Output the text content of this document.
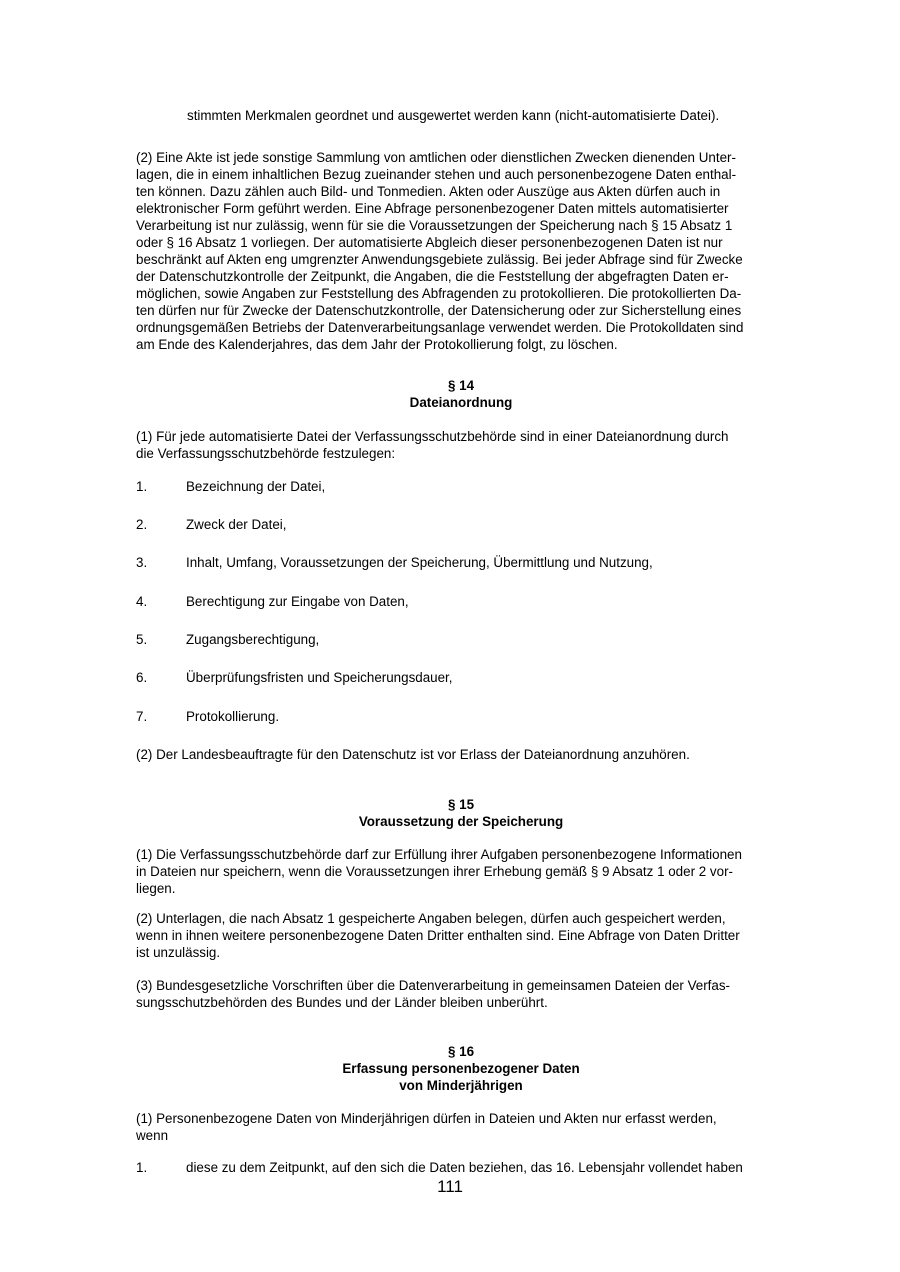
stimmten Merkmalen geordnet und ausgewertet werden kann (nicht-automatisierte Datei).
(2) Eine Akte ist jede sonstige Sammlung von amtlichen oder dienstlichen Zwecken dienenden Unter-
lagen, die in einem inhaltlichen Bezug zueinander stehen und auch personenbezogene Daten enthal-
ten können. Dazu zählen auch Bild- und Tonmedien. Akten oder Auszüge aus Akten dürfen auch in
elektronischer Form geführt werden. Eine Abfrage personenbezogener Daten mittels automatisierter
Verarbeitung ist nur zulässig, wenn für sie die Voraussetzungen der Speicherung nach § 15 Absatz 1
oder § 16 Absatz 1 vorliegen. Der automatisierte Abgleich dieser personenbezogenen Daten ist nur
beschränkt auf Akten eng umgrenzter Anwendungsgebiete zulässig. Bei jeder Abfrage sind für Zwecke
der Datenschutzkontrolle der Zeitpunkt, die Angaben, die die Feststellung der abgefragten Daten er-
möglichen, sowie Angaben zur Feststellung des Abfragenden zu protokollieren. Die protokollierten Da-
ten dürfen nur für Zwecke der Datenschutzkontrolle, der Datensicherung oder zur Sicherstellung eines
ordnungsgemäßen Betriebs der Datenverarbeitungsanlage verwendet werden. Die Protokolldaten sind
am Ende des Kalenderjahres, das dem Jahr der Protokollierung folgt, zu löschen.
§ 14
Dateianordnung
(1) Für jede automatisierte Datei der Verfassungsschutzbehörde sind in einer Dateianordnung durch
die Verfassungsschutzbehörde festzulegen:
1.	Bezeichnung der Datei,
2.	Zweck der Datei,
3.	Inhalt, Umfang, Voraussetzungen der Speicherung, Übermittlung und Nutzung,
4.	Berechtigung zur Eingabe von Daten,
5.	Zugangsberechtigung,
6.	Überprüfungsfristen und Speicherungsdauer,
7.	Protokollierung.
(2) Der Landesbeauftragte für den Datenschutz ist vor Erlass der Dateianordnung anzuhören.
§ 15
Voraussetzung der Speicherung
(1) Die Verfassungsschutzbehörde darf zur Erfüllung ihrer Aufgaben personenbezogene Informationen
in Dateien nur speichern, wenn die Voraussetzungen ihrer Erhebung gemäß § 9 Absatz 1 oder 2 vor-
liegen.
(2) Unterlagen, die nach Absatz 1 gespeicherte Angaben belegen, dürfen auch gespeichert werden,
wenn in ihnen weitere personenbezogene Daten Dritter enthalten sind. Eine Abfrage von Daten Dritter
ist unzulässig.
(3) Bundesgesetzliche Vorschriften über die Datenverarbeitung in gemeinsamen Dateien der Verfas-
sungsschutzbehörden des Bundes und der Länder bleiben unberührt.
§ 16
Erfassung personenbezogener Daten
von Minderjährigen
(1) Personenbezogene Daten von Minderjährigen dürfen in Dateien und Akten nur erfasst werden,
wenn
1.	diese zu dem Zeitpunkt, auf den sich die Daten beziehen, das 16. Lebensjahr vollendet haben
111
